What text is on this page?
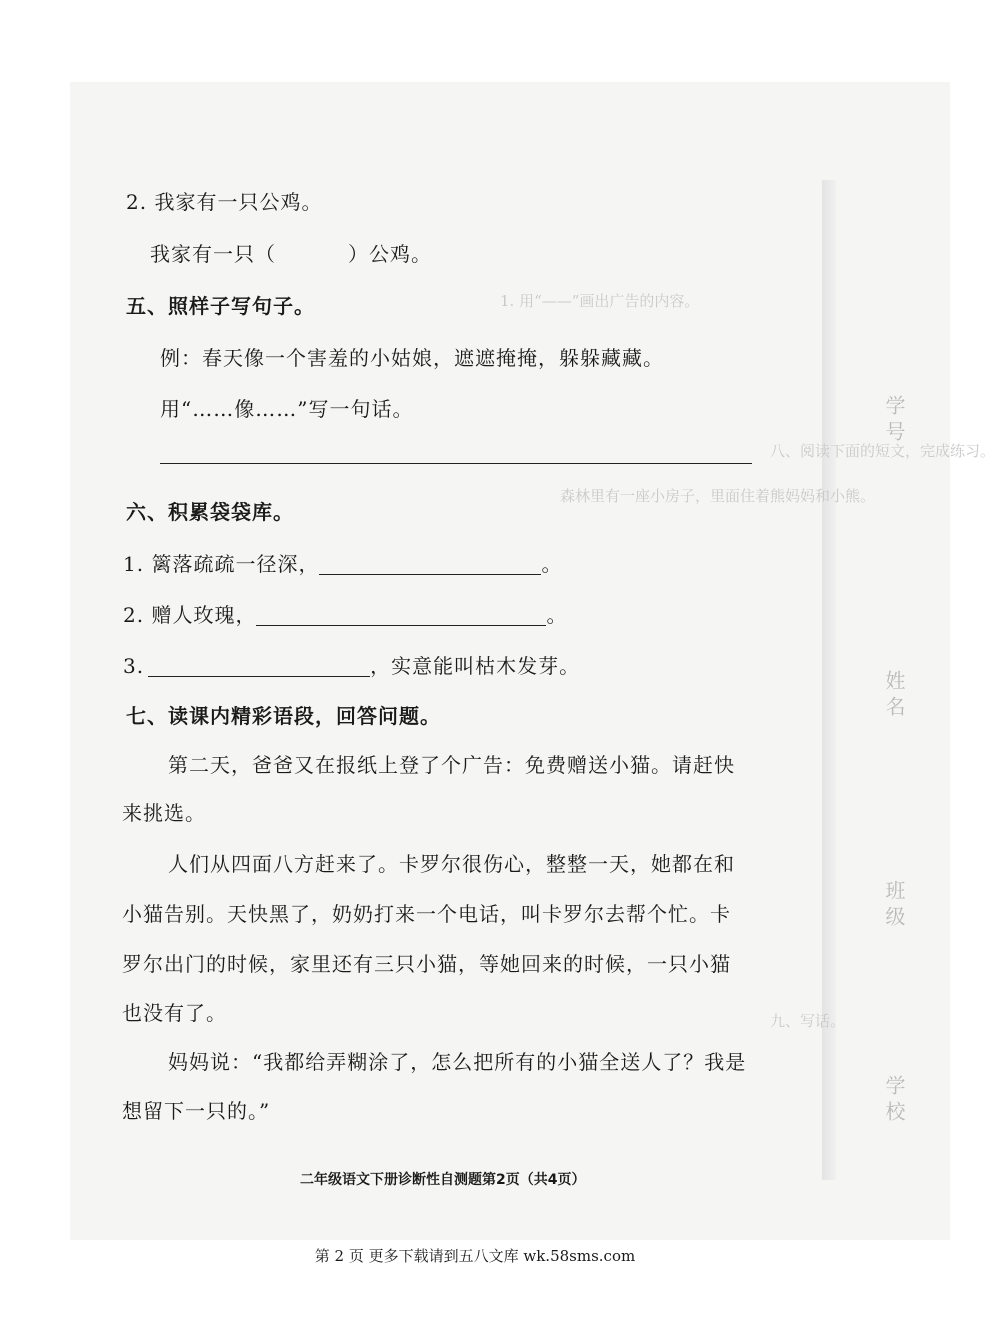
八、阅读下面的短文，完成练习。
森林里有一座小房子，里面住着熊妈妈和小熊。
1. 用“——”画出广告的内容。
九、写话。
学号
姓名
班级
学校
2. 我家有一只公鸡。
我家有一只（	）公鸡。
五、照样子写句子。
例：春天像一个害羞的小姑娘，遮遮掩掩，躲躲藏藏。
用“……像……”写一句话。
六、积累袋袋库。
1. 篱落疏疏一径深，	。
2. 赠人玫瑰，	。
3.	，实意能叫枯木发芽。
七、读课内精彩语段，回答问题。
第二天，爸爸又在报纸上登了个广告：免费赠送小猫。请赶快
来挑选。
人们从四面八方赶来了。卡罗尔很伤心，整整一天，她都在和
小猫告别。天快黑了，奶奶打来一个电话，叫卡罗尔去帮个忙。卡
罗尔出门的时候，家里还有三只小猫，等她回来的时候，一只小猫
也没有了。
妈妈说：“我都给弄糊涂了，怎么把所有的小猫全送人了？我是
想留下一只的。”
二年级语文下册诊断性自测题第2页（共4页）
第 2 页 更多下载请到五八文库 wk.58sms.com
